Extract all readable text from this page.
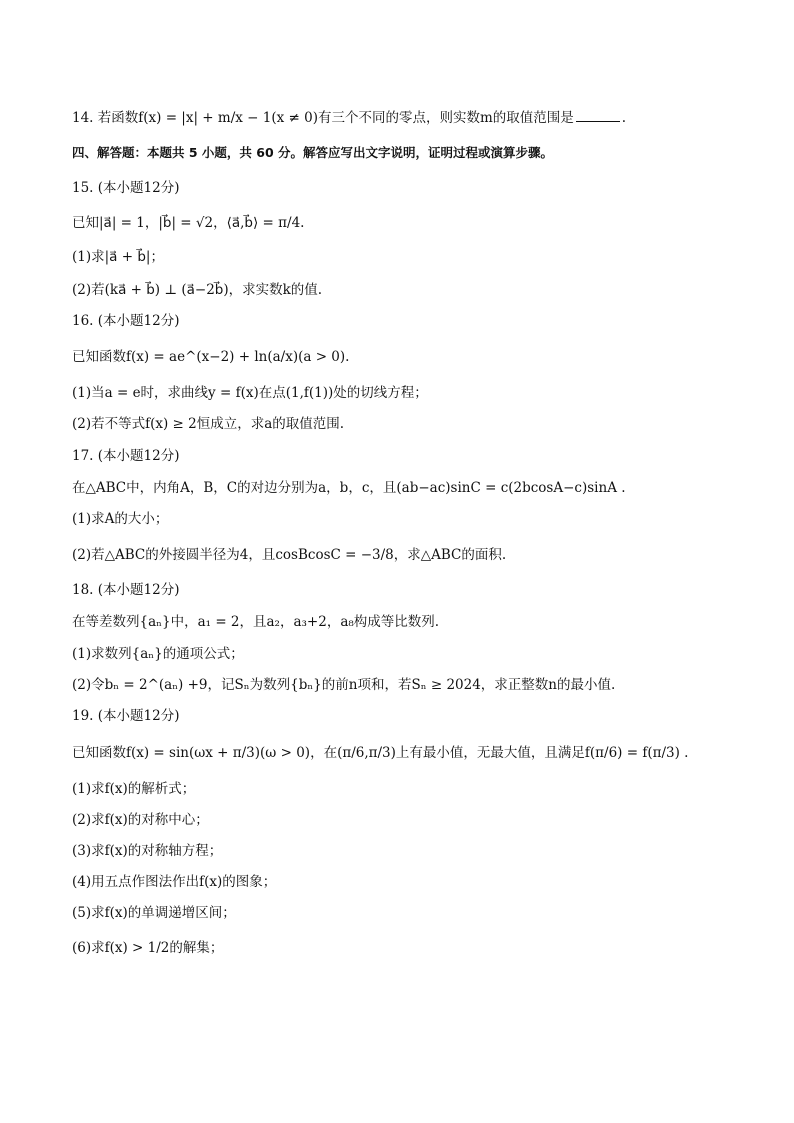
14. 若函数f(x) = |x| + m/x − 1(x ≠ 0)有三个不同的零点，则实数m的取值范围是	.
四、解答题：本题共 5 小题，共 60 分。解答应写出文字说明，证明过程或演算步骤。
15. (本小题12分)
已知|a⃗| = 1，|b⃗| = √2，⟨a⃗,b⃗⟩ = π/4.
(1)求|a⃗ + b⃗|；
(2)若(ka⃗ + b⃗) ⊥ (a⃗−2b⃗)，求实数k的值.
16. (本小题12分)
已知函数f(x) = ae^(x−2) + ln(a/x)(a > 0).
(1)当a = e时，求曲线y = f(x)在点(1,f(1))处的切线方程；
(2)若不等式f(x) ≥ 2恒成立，求a的取值范围.
17. (本小题12分)
在△ABC中，内角A，B，C的对边分别为a，b，c，且(ab−ac)sinC = c(2bcosA−c)sinA .
(1)求A的大小；
(2)若△ABC的外接圆半径为4，且cosBcosC = −3/8，求△ABC的面积.
18. (本小题12分)
在等差数列{aₙ}中，a₁ = 2，且a₂，a₃+2，a₈构成等比数列.
(1)求数列{aₙ}的通项公式；
(2)令bₙ = 2^(aₙ) +9，记Sₙ为数列{bₙ}的前n项和，若Sₙ ≥ 2024，求正整数n的最小值.
19. (本小题12分)
已知函数f(x) = sin(ωx + π/3)(ω > 0)，在(π/6,π/3)上有最小值，无最大值，且满足f(π/6) = f(π/3) .
(1)求f(x)的解析式；
(2)求f(x)的对称中心；
(3)求f(x)的对称轴方程；
(4)用五点作图法作出f(x)的图象；
(5)求f(x)的单调递增区间；
(6)求f(x) > 1/2的解集；
